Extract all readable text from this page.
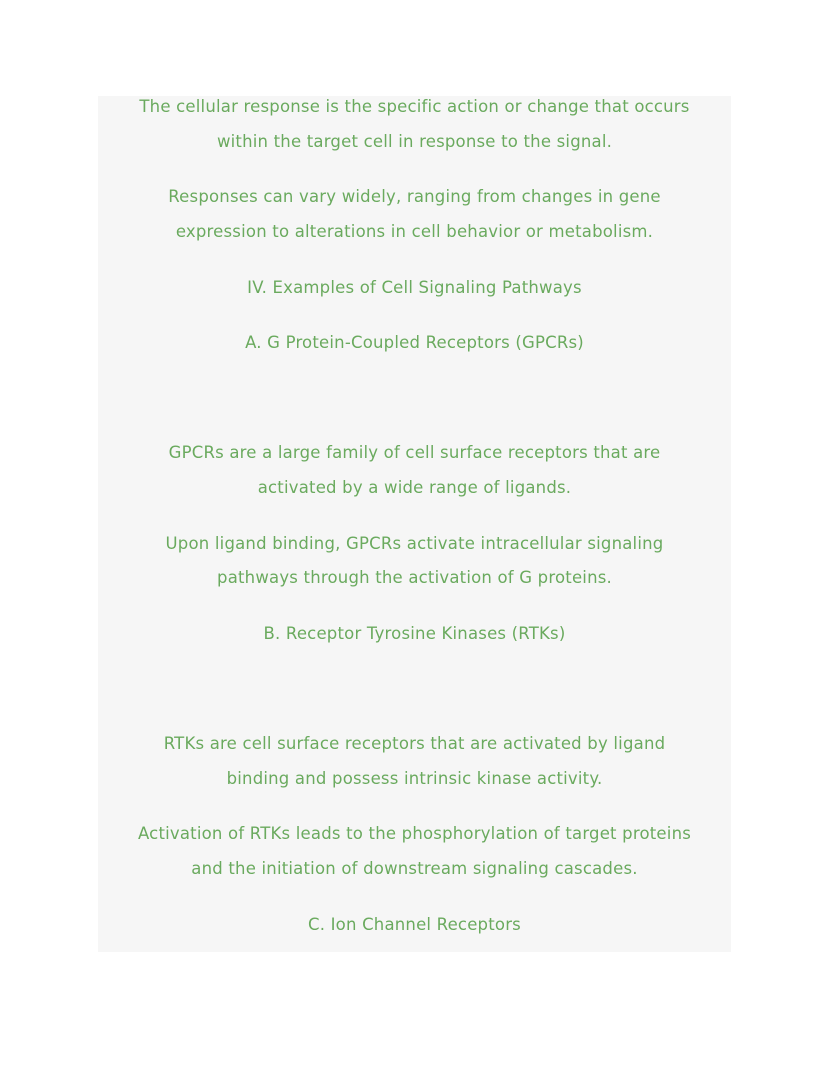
The cellular response is the specific action or change that occurs
within the target cell in response to the signal.
Responses can vary widely, ranging from changes in gene
expression to alterations in cell behavior or metabolism.
IV. Examples of Cell Signaling Pathways
A. G Protein-Coupled Receptors (GPCRs)
GPCRs are a large family of cell surface receptors that are
activated by a wide range of ligands.
Upon ligand binding, GPCRs activate intracellular signaling
pathways through the activation of G proteins.
B. Receptor Tyrosine Kinases (RTKs)
RTKs are cell surface receptors that are activated by ligand
binding and possess intrinsic kinase activity.
Activation of RTKs leads to the phosphorylation of target proteins
and the initiation of downstream signaling cascades.
C. Ion Channel Receptors
